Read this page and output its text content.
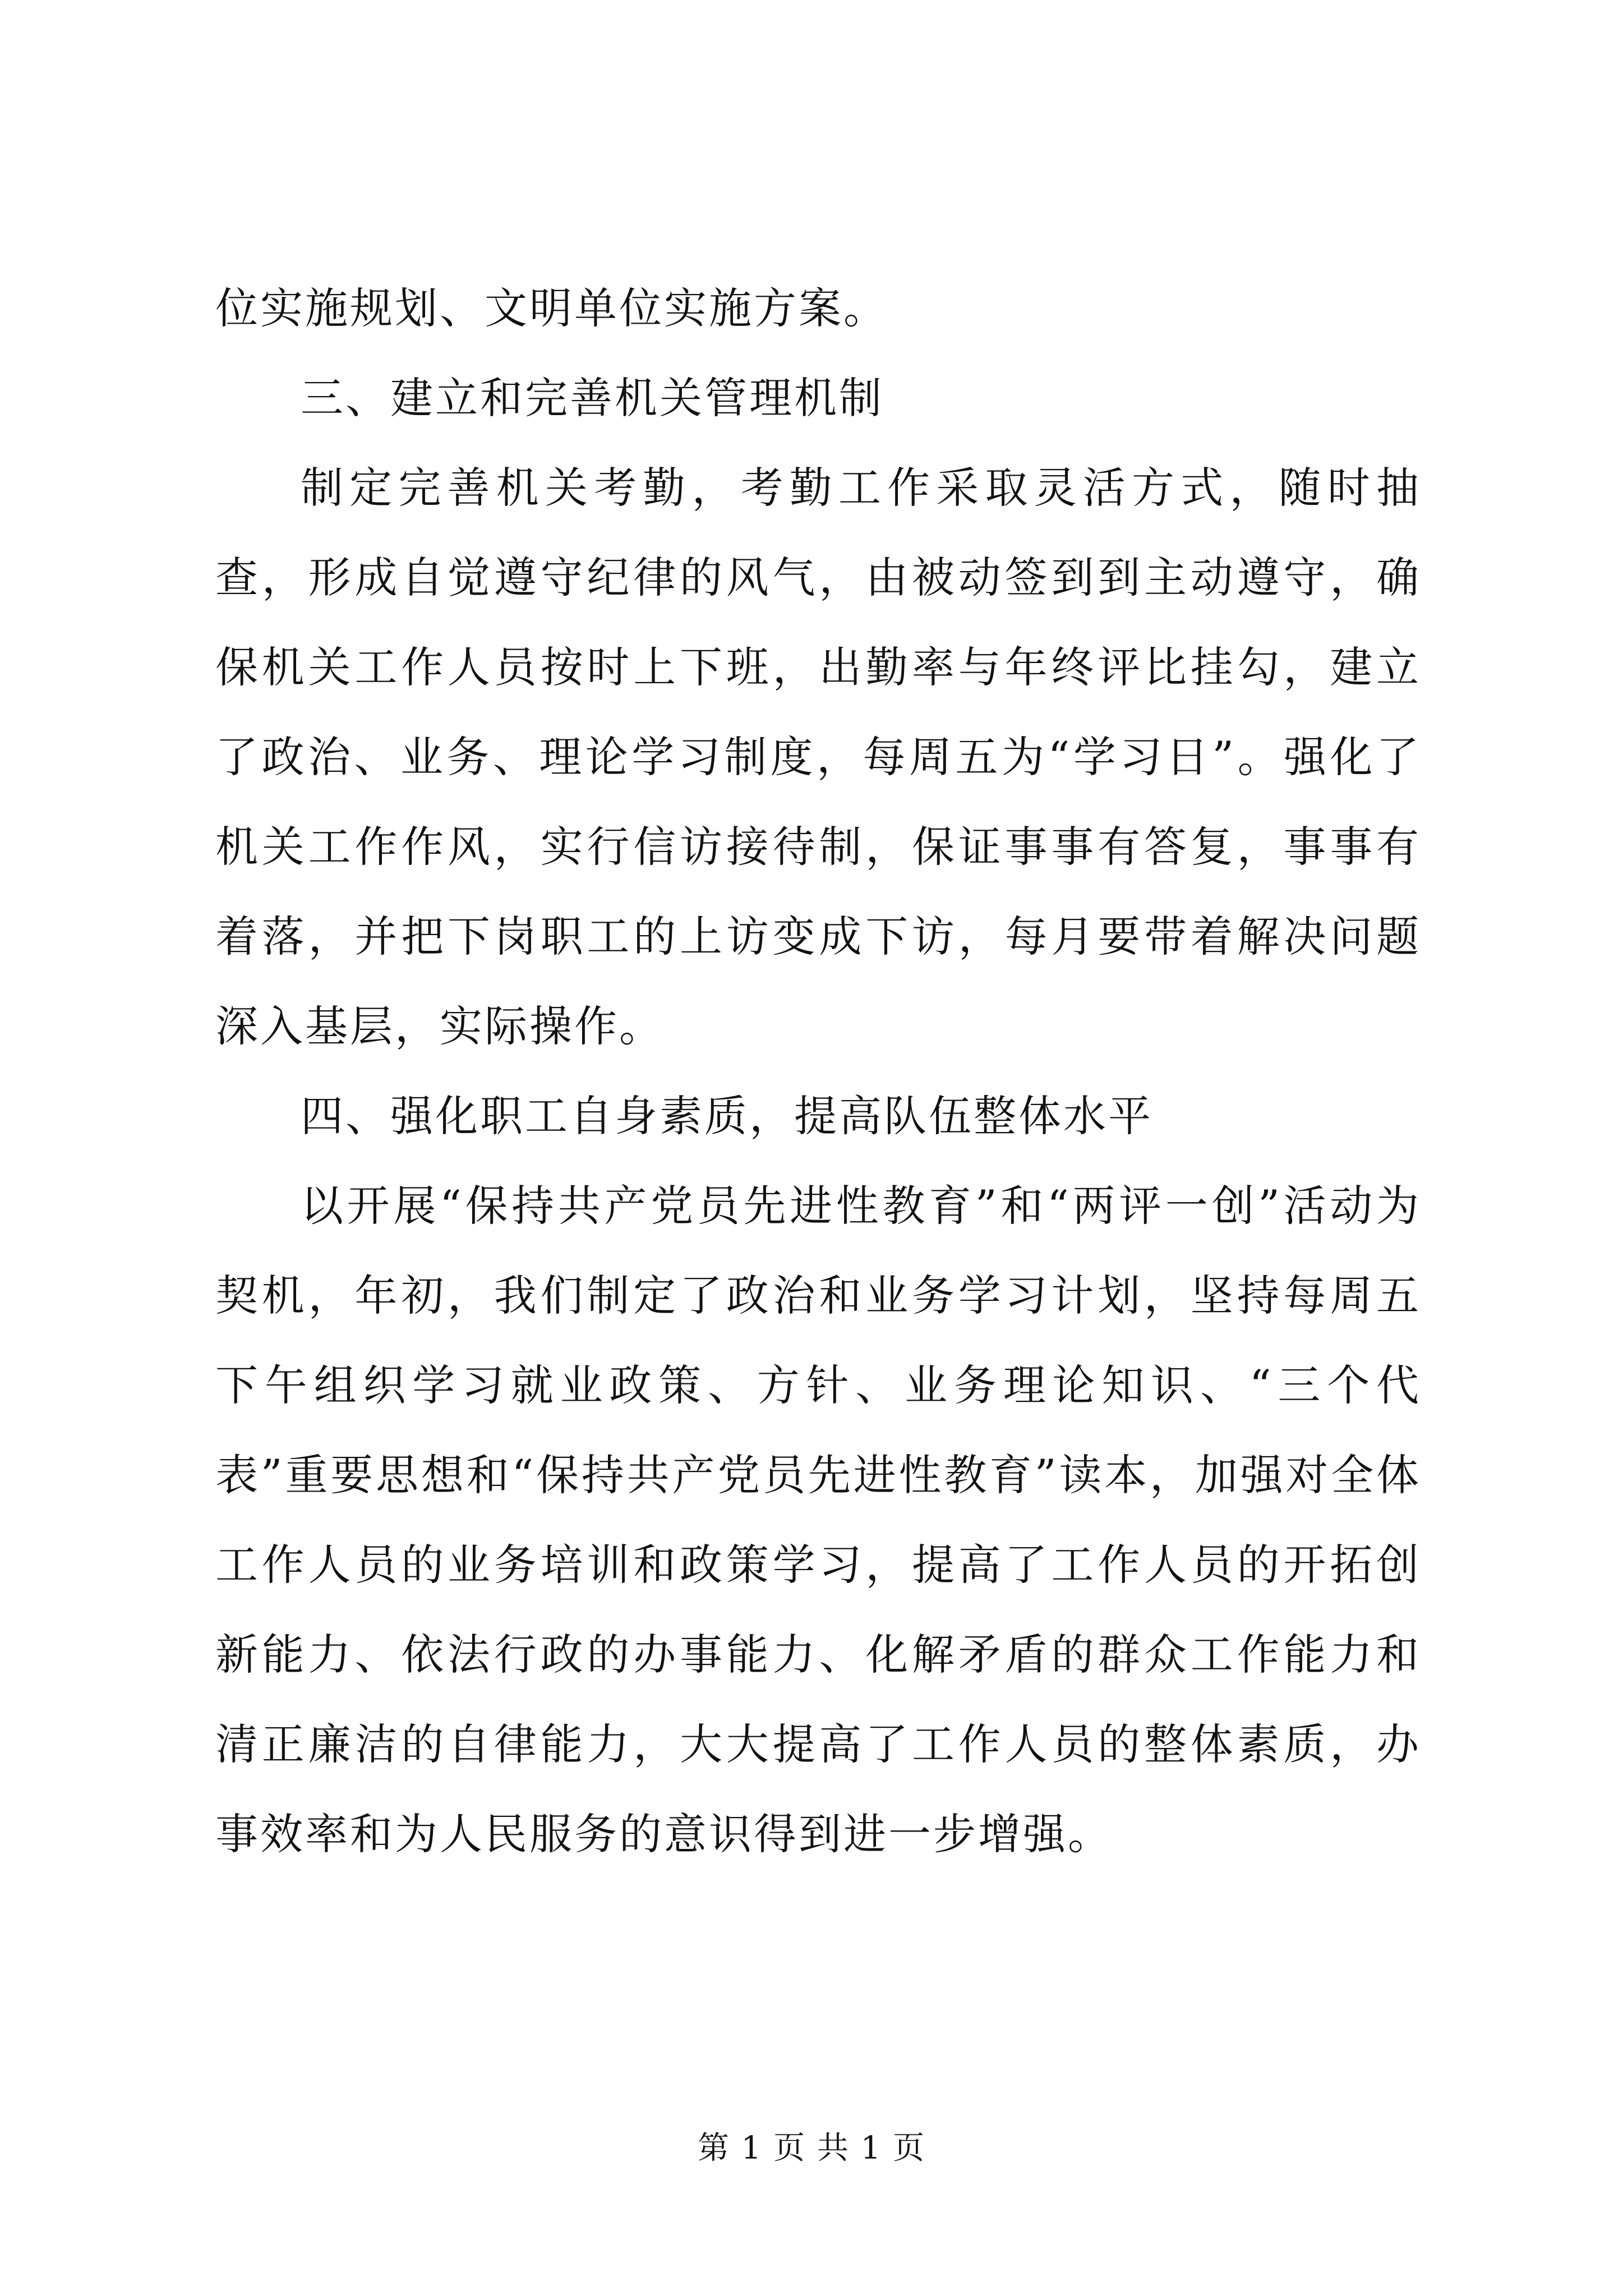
位实施规划、文明单位实施方案。
三、建立和完善机关管理机制

制定完善机关考勤，考勤工作采取灵活方式，随时抽查，形成自觉遵守纪律的风气，由被动签到到主动遵守，确保机关工作人员按时上下班，出勤率与年终评比挂勾，建立了政治、业务、理论学习制度，每周五为“学习日”。强化了机关工作作风，实行信访接待制，保证事事有答复，事事有着落，并把下岗职工的上访变成下访，每月要带着解决问题深入基层，实际操作。

四、强化职工自身素质，提高队伍整体水平

以开展“保持共产党员先进性教育”和“两评一创”活动为契机，年初，我们制定了政治和业务学习计划，坚持每周五下午组织学习就业政策、方针、业务理论知识、“三个代表”重要思想和“保持共产党员先进性教育”读本，加强对全体工作人员的业务培训和政策学习，提高了工作人员的开拓创新能力、依法行政的办事能力、化解矛盾的群众工作能力和清正廉洁的自律能力，大大提高了工作人员的整体素质，办事效率和为人民服务的意识得到进一步增强。

第 1 页 共 1 页
